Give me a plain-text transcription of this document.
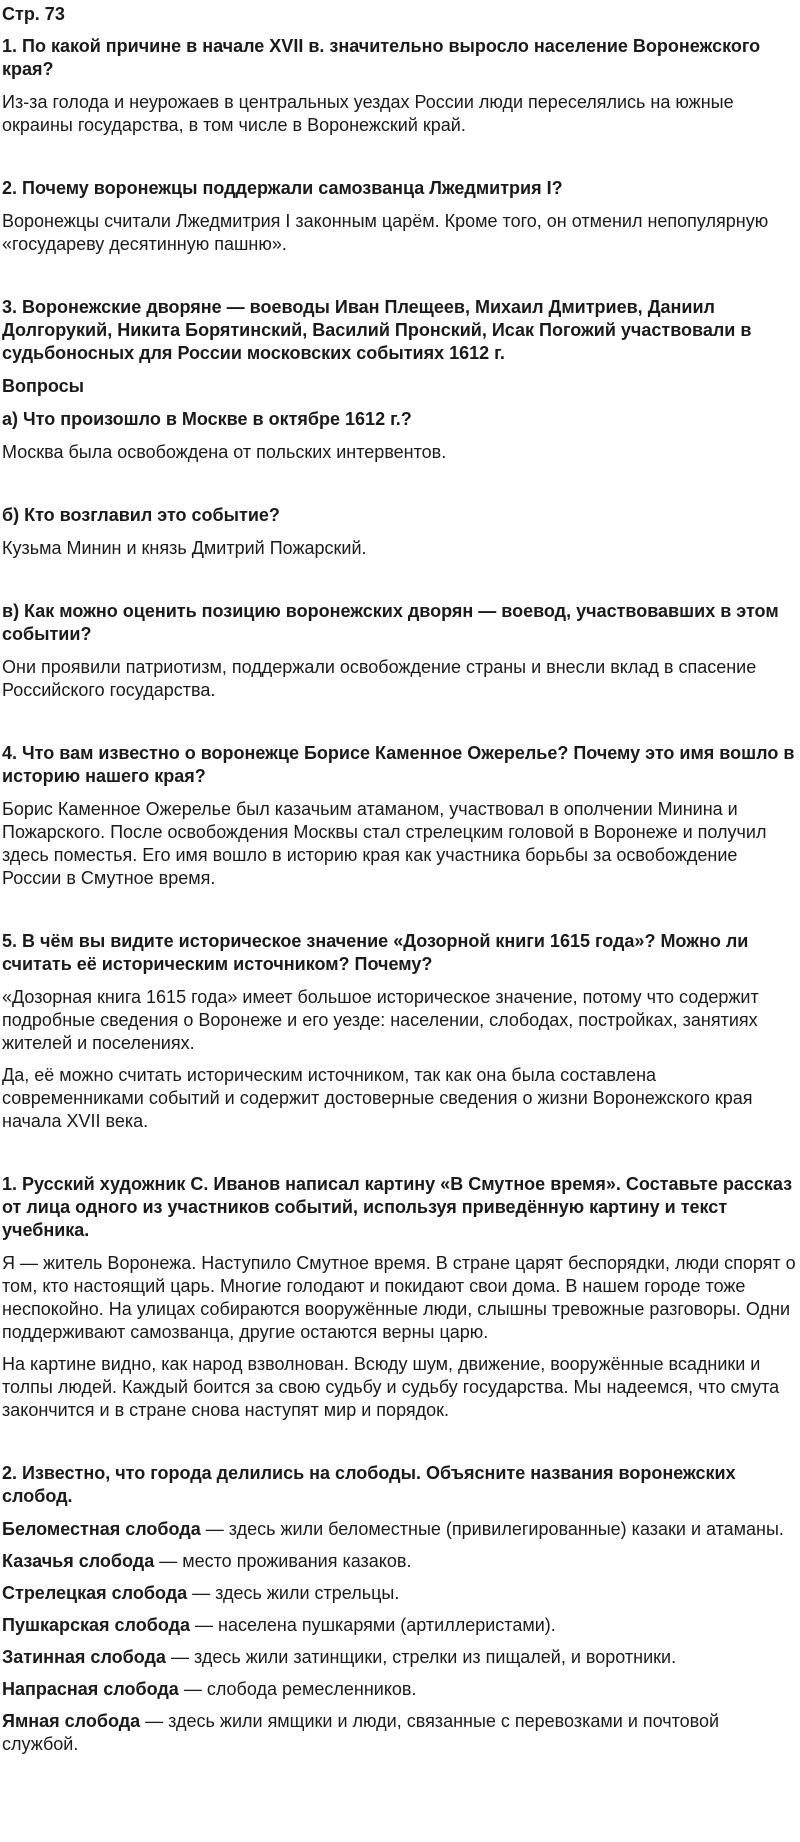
Стр. 73
1. По какой причине в начале XVII в. значительно выросло население Воронежского края?
Из-за голода и неурожаев в центральных уездах России люди переселялись на южные окраины государства, в том числе в Воронежский край.
2. Почему воронежцы поддержали самозванца Лжедмитрия I?
Воронежцы считали Лжедмитрия I законным царём. Кроме того, он отменил непопулярную «государеву десятинную пашню».
3. Воронежские дворяне — воеводы Иван Плещеев, Михаил Дмитриев, Даниил Долгорукий, Никита Борятинский, Василий Пронский, Исак Погожий участвовали в судьбоносных для России московских событиях 1612 г.
Вопросы
а) Что произошло в Москве в октябре 1612 г.?
Москва была освобождена от польских интервентов.
б) Кто возглавил это событие?
Кузьма Минин и князь Дмитрий Пожарский.
в) Как можно оценить позицию воронежских дворян — воевод, участвовавших в этом событии?
Они проявили патриотизм, поддержали освобождение страны и внесли вклад в спасение Российского государства.
4. Что вам известно о воронежце Борисе Каменное Ожерелье? Почему это имя вошло в историю нашего края?
Борис Каменное Ожерелье был казачьим атаманом, участвовал в ополчении Минина и Пожарского. После освобождения Москвы стал стрелецким головой в Воронеже и получил здесь поместья. Его имя вошло в историю края как участника борьбы за освобождение России в Смутное время.
5. В чём вы видите историческое значение «Дозорной книги 1615 года»? Можно ли считать её историческим источником? Почему?
«Дозорная книга 1615 года» имеет большое историческое значение, потому что содержит подробные сведения о Воронеже и его уезде: населении, слободах, постройках, занятиях жителей и поселениях.
Да, её можно считать историческим источником, так как она была составлена современниками событий и содержит достоверные сведения о жизни Воронежского края начала XVII века.
1. Русский художник С. Иванов написал картину «В Смутное время». Составьте рассказ от лица одного из участников событий, используя приведённую картину и текст учебника.
Я — житель Воронежа. Наступило Смутное время. В стране царят беспорядки, люди спорят о том, кто настоящий царь. Многие голодают и покидают свои дома. В нашем городе тоже неспокойно. На улицах собираются вооружённые люди, слышны тревожные разговоры. Одни поддерживают самозванца, другие остаются верны царю.
На картине видно, как народ взволнован. Всюду шум, движение, вооружённые всадники и толпы людей. Каждый боится за свою судьбу и судьбу государства. Мы надеемся, что смута закончится и в стране снова наступят мир и порядок.
2. Известно, что города делились на слободы. Объясните названия воронежских слобод.
Беломестная слобода — здесь жили беломестные (привилегированные) казаки и атаманы.
Казачья слобода — место проживания казаков.
Стрелецкая слобода — здесь жили стрельцы.
Пушкарская слобода — населена пушкарями (артиллеристами).
Затинная слобода — здесь жили затинщики, стрелки из пищалей, и воротники.
Напрасная слобода — слобода ремесленников.
Ямная слобода — здесь жили ямщики и люди, связанные с перевозками и почтовой службой.
